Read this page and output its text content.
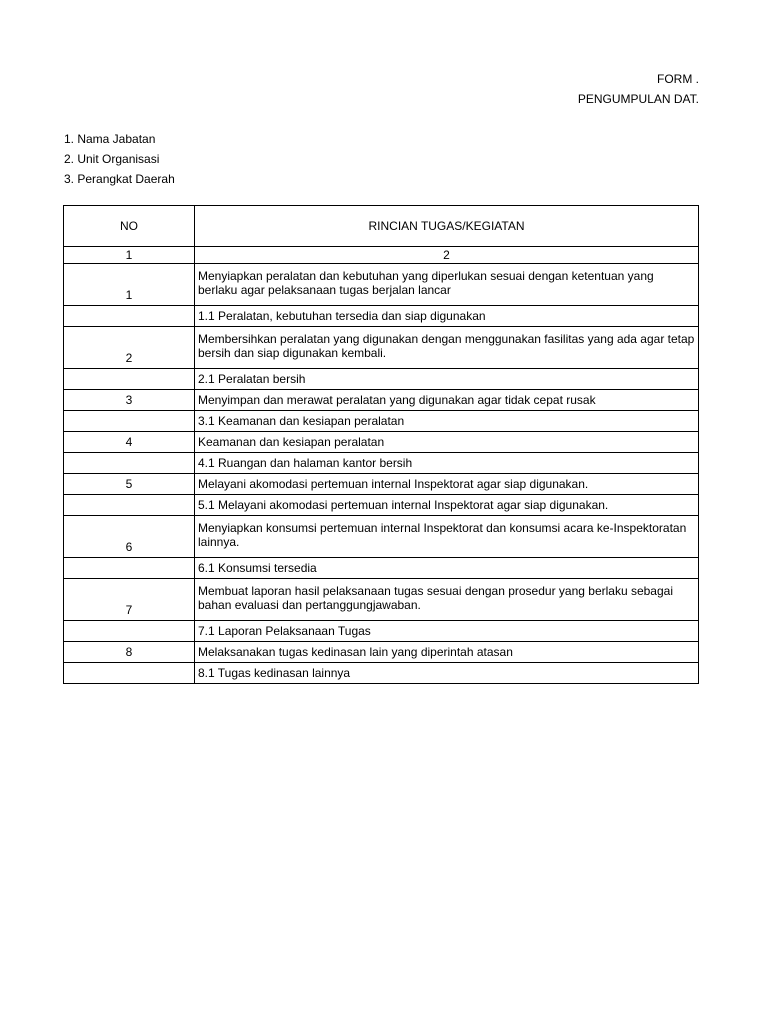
FORM .
PENGUMPULAN DAT.
1. Nama Jabatan
2. Unit Organisasi
3. Perangkat Daerah
NO	RINCIAN TUGAS/KEGIATAN
1	2
1	Menyiapkan peralatan dan kebutuhan yang diperlukan sesuai dengan ketentuan yang berlaku agar pelaksanaan tugas berjalan lancar
	1.1 Peralatan, kebutuhan tersedia dan siap digunakan
2	Membersihkan peralatan yang digunakan dengan menggunakan fasilitas yang ada agar tetap bersih dan siap digunakan kembali.
	2.1 Peralatan bersih
3	Menyimpan dan merawat peralatan yang digunakan agar tidak cepat rusak
	3.1 Keamanan dan kesiapan peralatan
4	Keamanan dan kesiapan peralatan
	4.1 Ruangan dan halaman kantor bersih
5	Melayani akomodasi pertemuan internal Inspektorat agar siap digunakan.
	5.1 Melayani akomodasi pertemuan internal Inspektorat agar siap digunakan.
6	Menyiapkan konsumsi pertemuan internal Inspektorat dan konsumsi acara ke-Inspektoratan lainnya.
	6.1 Konsumsi tersedia
7	Membuat laporan hasil pelaksanaan tugas sesuai dengan prosedur yang berlaku sebagai bahan evaluasi dan pertanggungjawaban.
	7.1 Laporan Pelaksanaan Tugas
8	Melaksanakan tugas kedinasan lain yang diperintah atasan
	8.1 Tugas kedinasan lainnya
